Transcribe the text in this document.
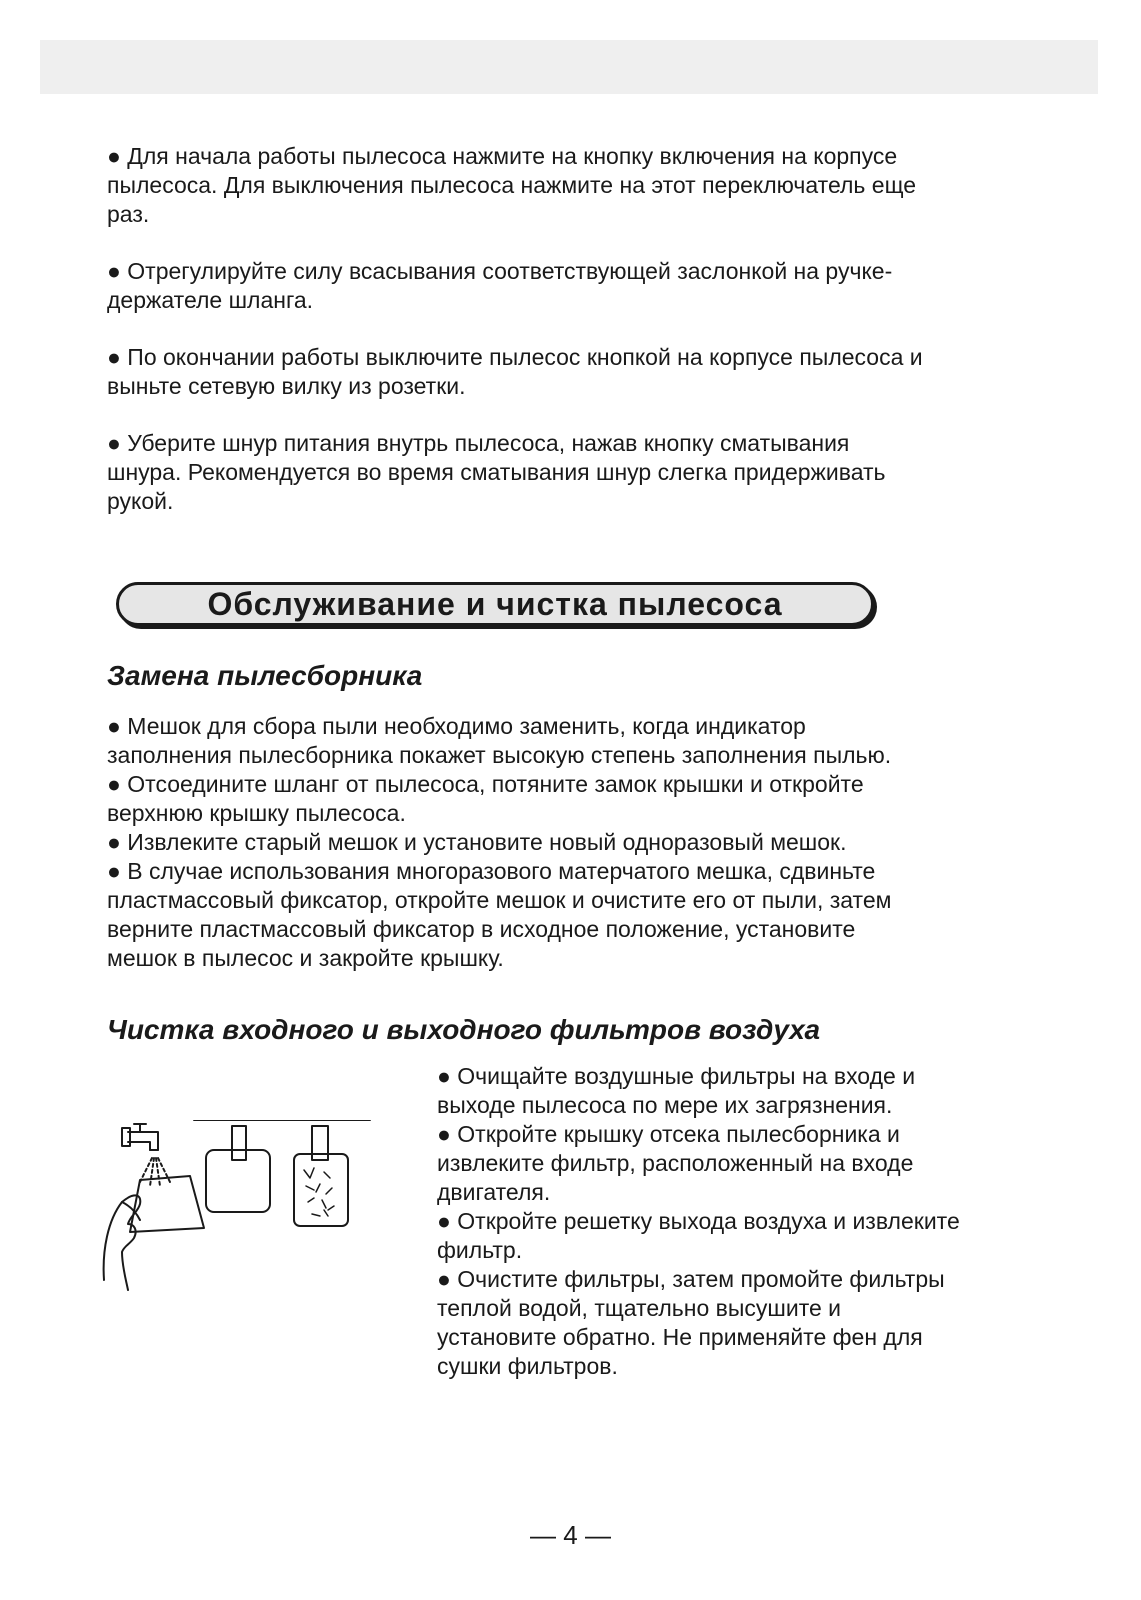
● Для начала работы пылесоса нажмите на кнопку включения на корпусе
пылесоса. Для выключения пылесоса нажмите на этот переключатель еще
раз.

● Отрегулируйте силу всасывания соответствующей заслонкой на ручке-
держателе шланга.

● По окончании работы выключите пылесос кнопкой на корпусе пылесоса и
выньте сетевую вилку из розетки.

● Уберите шнур питания внутрь пылесоса, нажав кнопку сматывания
шнура. Рекомендуется во время сматывания шнур слегка придерживать
рукой.

Обслуживание и чистка пылесоса
Замена пылесборника

● Мешок для сбора пыли необходимо заменить, когда индикатор
заполнения пылесборника покажет высокую степень заполнения пылью.
● Отсоедините шланг от пылесоса, потяните замок крышки и откройте
верхнюю крышку пылесоса.
● Извлеките старый мешок и установите новый одноразовый мешок.
● В случае использования многоразового матерчатого мешка, сдвиньте
пластмассовый фиксатор, откройте мешок и очистите его от пыли, затем
верните пластмассовый фиксатор в исходное положение, установите
мешок в пылесос и закройте крышку.

Чистка входного и выходного фильтров воздуха

● Очищайте воздушные фильтры на входе и
выходе пылесоса по мере их загрязнения.
● Откройте крышку отсека пылесборника и
извлеките фильтр, расположенный на входе
двигателя.
● Откройте решетку выхода воздуха и извлеките
фильтр.
● Очистите фильтры, затем промойте фильтры
теплой водой, тщательно высушите и
установите обратно. Не применяйте фен для
сушки фильтров.

— 4 —
